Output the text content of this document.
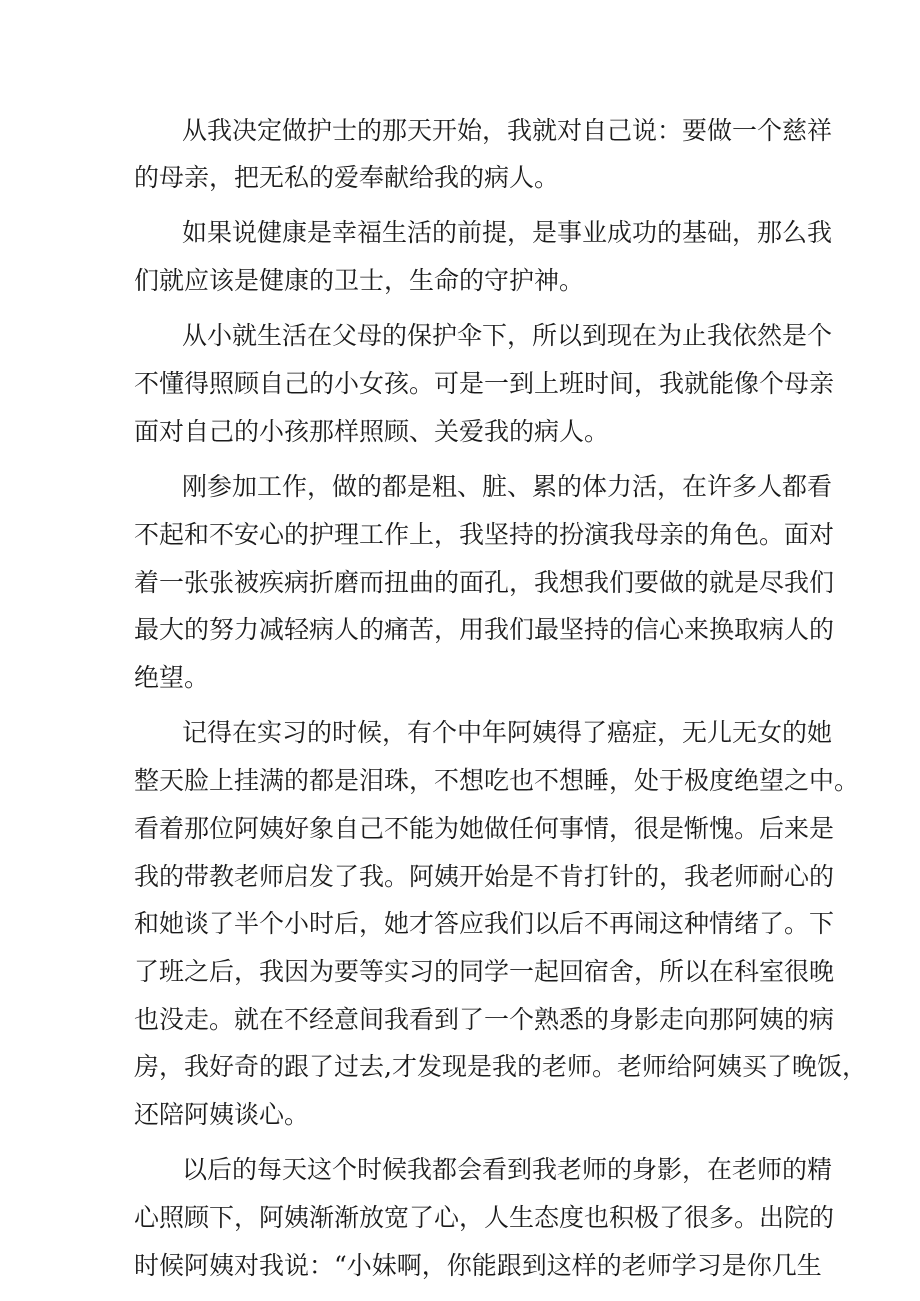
从我决定做护士的那天开始，我就对自己说：要做一个慈祥
的母亲，把无私的爱奉献给我的病人。
如果说健康是幸福生活的前提，是事业成功的基础，那么我
们就应该是健康的卫士，生命的守护神。
从小就生活在父母的保护伞下，所以到现在为止我依然是个
不懂得照顾自己的小女孩。可是一到上班时间，我就能像个母亲
面对自己的小孩那样照顾、关爱我的病人。
刚参加工作，做的都是粗、脏、累的体力活，在许多人都看
不起和不安心的护理工作上，我坚持的扮演我母亲的角色。面对
着一张张被疾病折磨而扭曲的面孔，我想我们要做的就是尽我们
最大的努力减轻病人的痛苦，用我们最坚持的信心来换取病人的
绝望。
记得在实习的时候，有个中年阿姨得了癌症，无儿无女的她
整天脸上挂满的都是泪珠，不想吃也不想睡，处于极度绝望之中。
看着那位阿姨好象自己不能为她做任何事情，很是惭愧。后来是
我的带教老师启发了我。阿姨开始是不肯打针的，我老师耐心的
和她谈了半个小时后，她才答应我们以后不再闹这种情绪了。下
了班之后，我因为要等实习的同学一起回宿舍，所以在科室很晚
也没走。就在不经意间我看到了一个熟悉的身影走向那阿姨的病
房，我好奇的跟了过去,才发现是我的老师。老师给阿姨买了晚饭，
还陪阿姨谈心。
以后的每天这个时候我都会看到我老师的身影，在老师的精
心照顾下，阿姨渐渐放宽了心，人生态度也积极了很多。出院的
时候阿姨对我说：“小妹啊，你能跟到这样的老师学习是你几生
